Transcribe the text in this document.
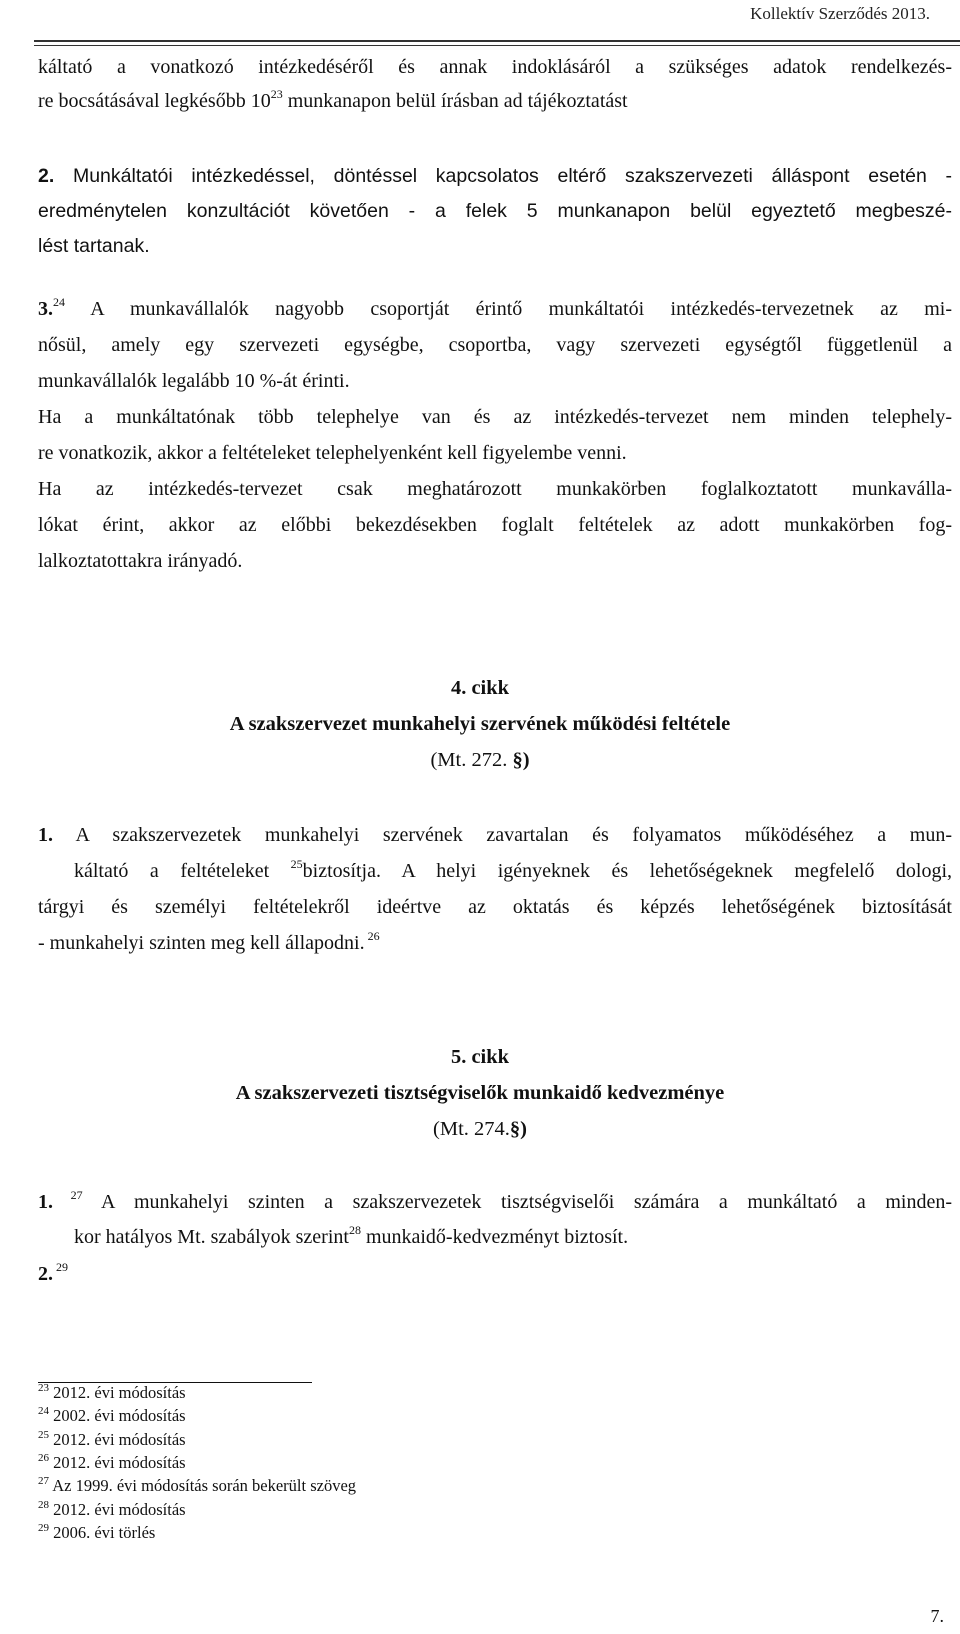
Kollektív Szerződés 2013.
káltató a vonatkozó intézkedéséről és annak indoklásáról a szükséges adatok rendelkezés-
re bocsátásával legkésőbb $10^{23}$ munkanapon belül írásban ad tájékoztatást
2. Munkáltatói intézkedéssel, döntéssel kapcsolatos eltérő szakszervezeti álláspont esetén -
eredménytelen konzultációt követően - a felek 5 munkanapon belül egyeztető megbeszé-
lést tartanak.
3.24 A munkavállalók nagyobb csoportját érintő munkáltatói intézkedés-tervezetnek az mi-
nősül, amely egy szervezeti egységbe, csoportba, vagy szervezeti egységtől függetlenül a
munkavállalók legalább 10 %-át érinti.
Ha a munkáltatónak több telephelye van és az intézkedés-tervezet nem minden telephely-
re vonatkozik, akkor a feltételeket telephelyenként kell figyelembe venni.
Ha az intézkedés-tervezet csak meghatározott munkakörben foglalkoztatott munkaválla-
lókat érint, akkor az előbbi bekezdésekben foglalt feltételek az adott munkakörben fog-
lalkoztatottakra irányadó.
4. cikk
A szakszervezet munkahelyi szervének működési feltétele
(Mt. 272. §)
1. A szakszervezetek munkahelyi szervének zavartalan és folyamatos működéséhez a mun-
káltató a feltételeket $^{25}$biztosítja. A helyi igényeknek és lehetőségeknek megfelelő dologi,
tárgyi és személyi feltételekről ideértve az oktatás és képzés lehetőségének biztosítását
- munkahelyi szinten meg kell állapodni. $^{26}$
5. cikk
A szakszervezeti tisztségviselők munkaidő kedvezménye
(Mt. 274.§)
1. $^{27}$ A munkahelyi szinten a szakszervezetek tisztségviselői számára a munkáltató a minden-
kor hatályos Mt. szabályok szerint$^{28}$ munkaidő-kedvezményt biztosít.
2. $^{29}$
$^{23}$ 2012. évi módosítás
$^{24}$ 2002. évi módosítás
$^{25}$ 2012. évi módosítás
$^{26}$ 2012. évi módosítás
$^{27}$ Az 1999. évi módosítás során bekerült szöveg
$^{28}$ 2012. évi módosítás
$^{29}$ 2006. évi törlés
7.
